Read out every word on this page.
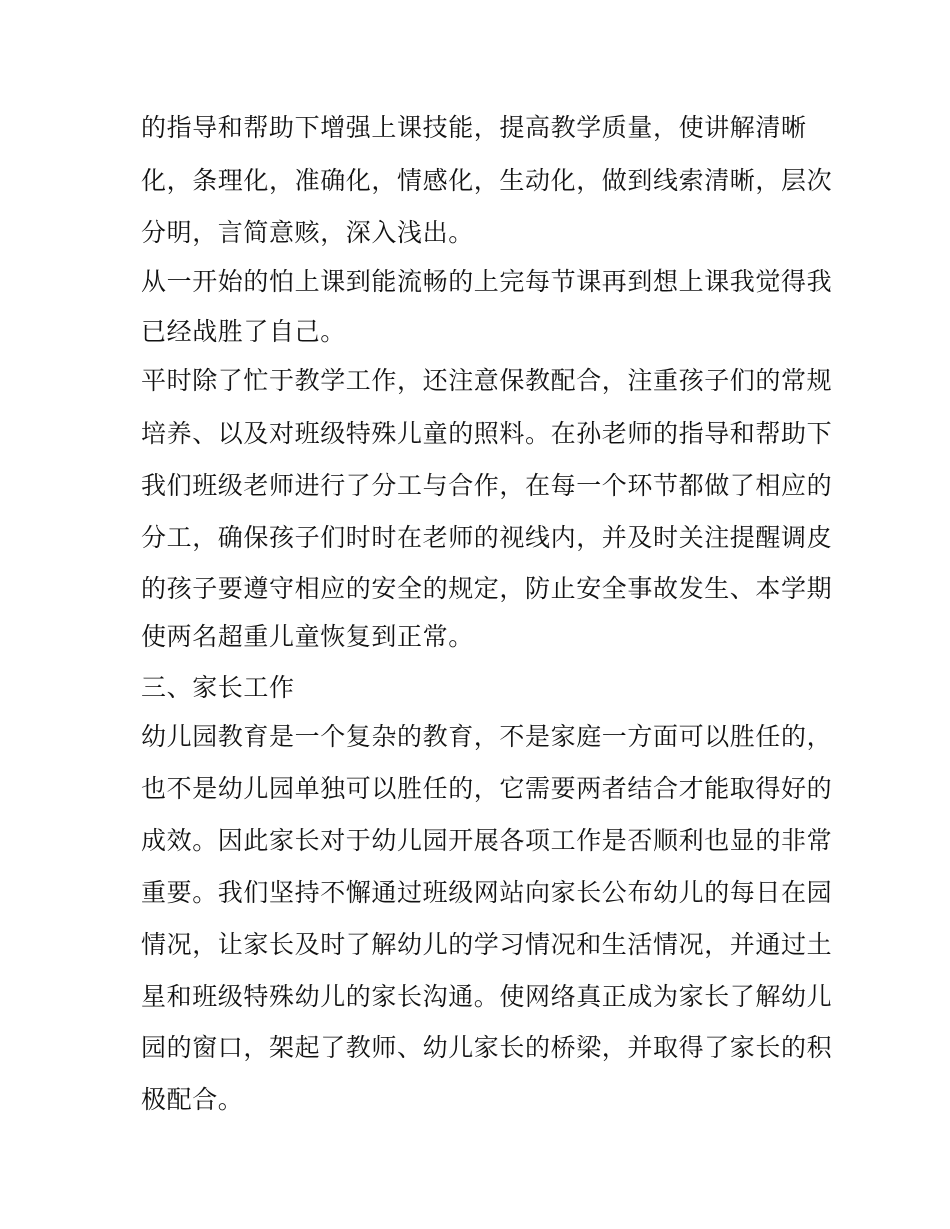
的指导和帮助下增强上课技能，提高教学质量，使讲解清晰

化，条理化，准确化，情感化，生动化，做到线索清晰，层次

分明，言简意赅，深入浅出。

从一开始的怕上课到能流畅的上完每节课再到想上课我觉得我

已经战胜了自己。

平时除了忙于教学工作，还注意保教配合，注重孩子们的常规

培养、以及对班级特殊儿童的照料。在孙老师的指导和帮助下

我们班级老师进行了分工与合作，在每一个环节都做了相应的

分工，确保孩子们时时在老师的视线内，并及时关注提醒调皮

的孩子要遵守相应的安全的规定，防止安全事故发生、本学期

使两名超重儿童恢复到正常。

三、家长工作

幼儿园教育是一个复杂的教育，不是家庭一方面可以胜任的，

也不是幼儿园单独可以胜任的，它需要两者结合才能取得好的

成效。因此家长对于幼儿园开展各项工作是否顺利也显的非常

重要。我们坚持不懈通过班级网站向家长公布幼儿的每日在园

情况，让家长及时了解幼儿的学习情况和生活情况，并通过土

星和班级特殊幼儿的家长沟通。使网络真正成为家长了解幼儿

园的窗口，架起了教师、幼儿家长的桥梁，并取得了家长的积

极配合。
